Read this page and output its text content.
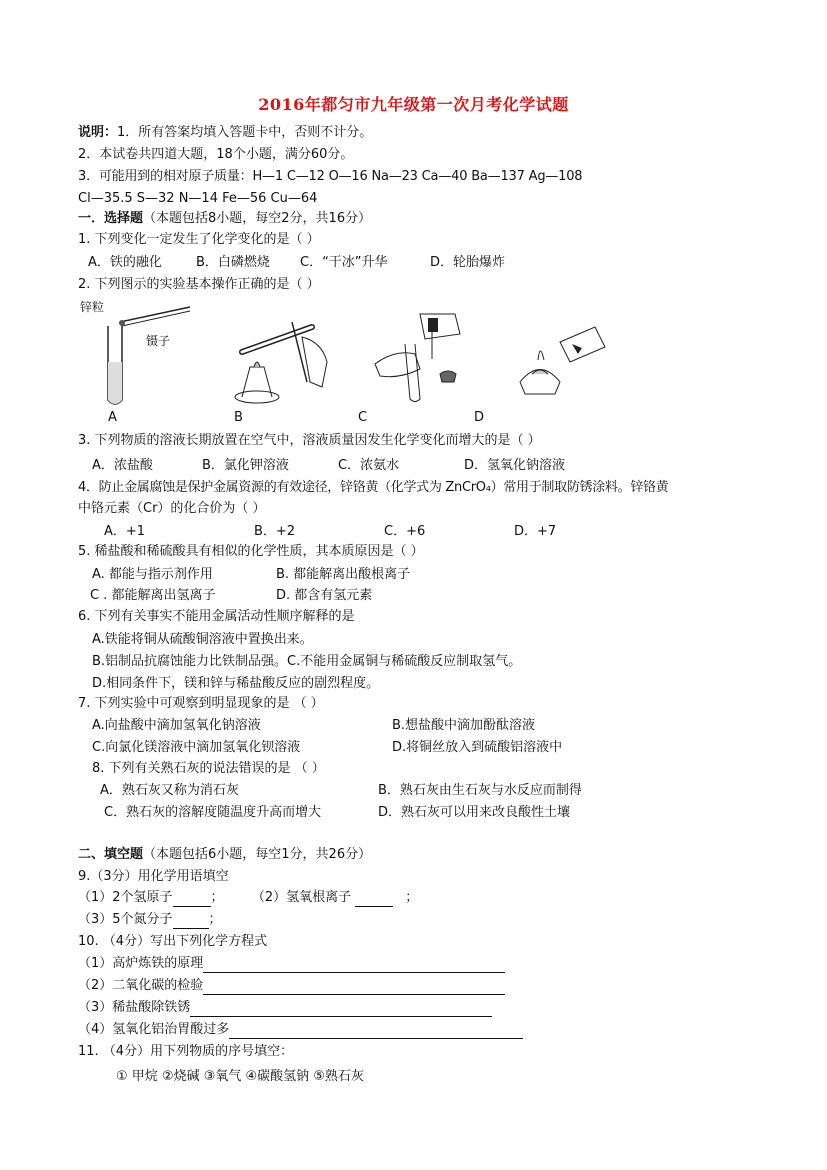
2016年都匀市九年级第一次月考化学试题
说明：1．所有答案均填入答题卡中，否则不计分。
2．本试卷共四道大题，18个小题，满分60分。
3．可能用到的相对原子质量：H—1 C—12 O—16 Na—23 Ca—40 Ba—137 Ag—108
Cl—35.5 S—32 N—14 Fe—56 Cu—64
一．选择题（本题包括8小题，每空2分，共16分）
1. 下列变化一定发生了化学变化的是（ ）
A．铁的融化	B．白磷燃烧 C．“干冰”升华	D．轮胎爆炸
2. 下列图示的实验基本操作正确的是（ ）
锌粒
镊子
A	B	C	D
3. 下列物质的溶液长期放置在空气中，溶液质量因发生化学变化而增大的是（ ）
A．浓盐酸	B．氯化钾溶液	C．浓氨水	D．氢氧化钠溶液
4．防止金属腐蚀是保护金属资源的有效途径，锌铬黄（化学式为 ZnCrO₄）常用于制取防锈涂料。锌铬黄
中铬元素（Cr）的化合价为（ ）
A．+1	B．+2	C．+6	D．+7
5. 稀盐酸和稀硫酸具有相似的化学性质，其本质原因是（ ）
A. 都能与指示剂作用	B. 都能解离出酸根离子
C . 都能解离出氢离子	D. 都含有氢元素
6. 下列有关事实不能用金属活动性顺序解释的是
A.铁能将铜从硫酸铜溶液中置换出来。
B.铝制品抗腐蚀能力比铁制品强。C.不能用金属铜与稀硫酸反应制取氢气。
D.相同条件下，镁和锌与稀盐酸反应的剧烈程度。
7. 下列实验中可观察到明显现象的是 （ ）
A.向盐酸中滴加氢氧化钠溶液	B.想盐酸中滴加酚酞溶液
C.向氯化镁溶液中滴加氢氧化钡溶液	D.将铜丝放入到硫酸铝溶液中
8. 下列有关熟石灰的说法错误的是 （ ）
A．熟石灰又称为消石灰	B．熟石灰由生石灰与水反应而制得
C．熟石灰的溶解度随温度升高而增大	D．熟石灰可以用来改良酸性土壤
二、填空题（本题包括6小题，每空1分，共26分）
9.（3分）用化学用语填空
（1）2个氢原子	； （2）氢氧根离子	；
（3）5个氮分子	；
10. （4分）写出下列化学方程式
（1）高炉炼铁的原理
（2）二氧化碳的检验
（3）稀盐酸除铁锈
（4）氢氧化铝治胃酸过多
11. （4分）用下列物质的序号填空：
① 甲烷 ②烧碱 ③氧气 ④碳酸氢钠 ⑤熟石灰
